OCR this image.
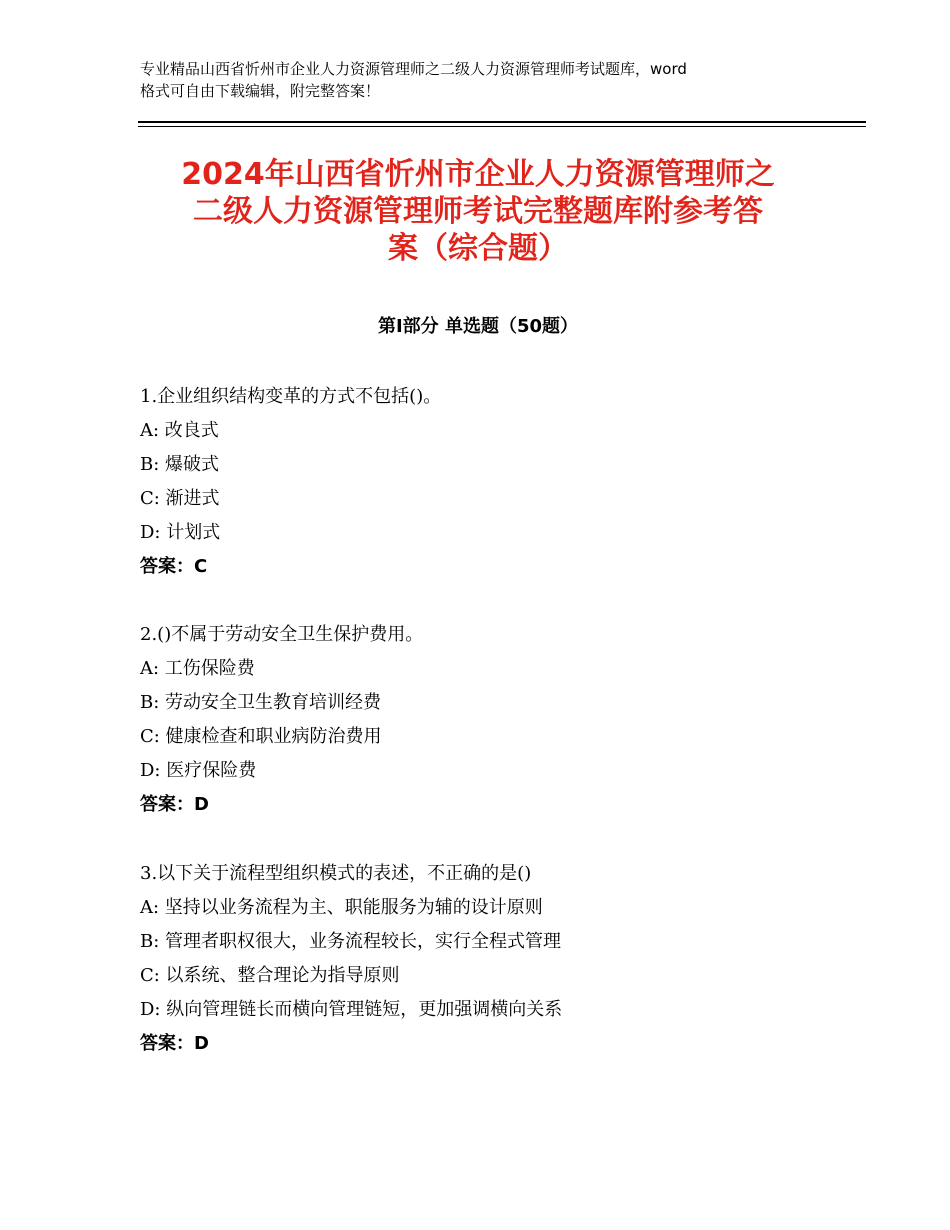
专业精品山西省忻州市企业人力资源管理师之二级人力资源管理师考试题库，word
格式可自由下载编辑，附完整答案！
2024年山西省忻州市企业人力资源管理师之
二级人力资源管理师考试完整题库附参考答
案（综合题）
第Ⅰ部分 单选题（50题）
1.企业组织结构变革的方式不包括()。
A: 改良式
B: 爆破式
C: 渐进式
D: 计划式
答案：C
2.()不属于劳动安全卫生保护费用。
A: 工伤保险费
B: 劳动安全卫生教育培训经费
C: 健康检查和职业病防治费用
D: 医疗保险费
答案：D
3.以下关于流程型组织模式的表述，不正确的是()
A: 坚持以业务流程为主、职能服务为辅的设计原则
B: 管理者职权很大，业务流程较长，实行全程式管理
C: 以系统、整合理论为指导原则
D: 纵向管理链长而横向管理链短，更加强调横向关系
答案：D
